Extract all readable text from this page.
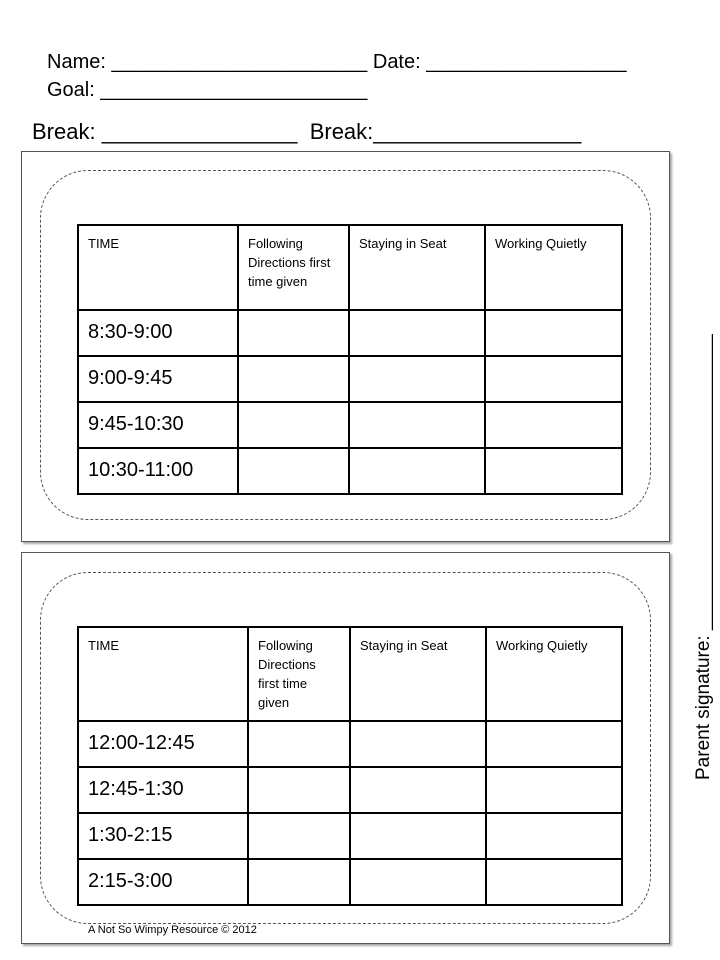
Name: _______________________ Date: __________________
Goal: ________________________
Break: ________________  Break:_________________
TIME	Following Directions first time given	Staying in Seat	Working Quietly
8:30-9:00			
9:00-9:45			
9:45-10:30			
10:30-11:00			
TIME	Following Directions first time given	Staying in Seat	Working Quietly
12:00-12:45			
12:45-1:30			
1:30-2:15			
2:15-3:00			
Parent signature: ____________________________
A Not So Wimpy Resource © 2012
